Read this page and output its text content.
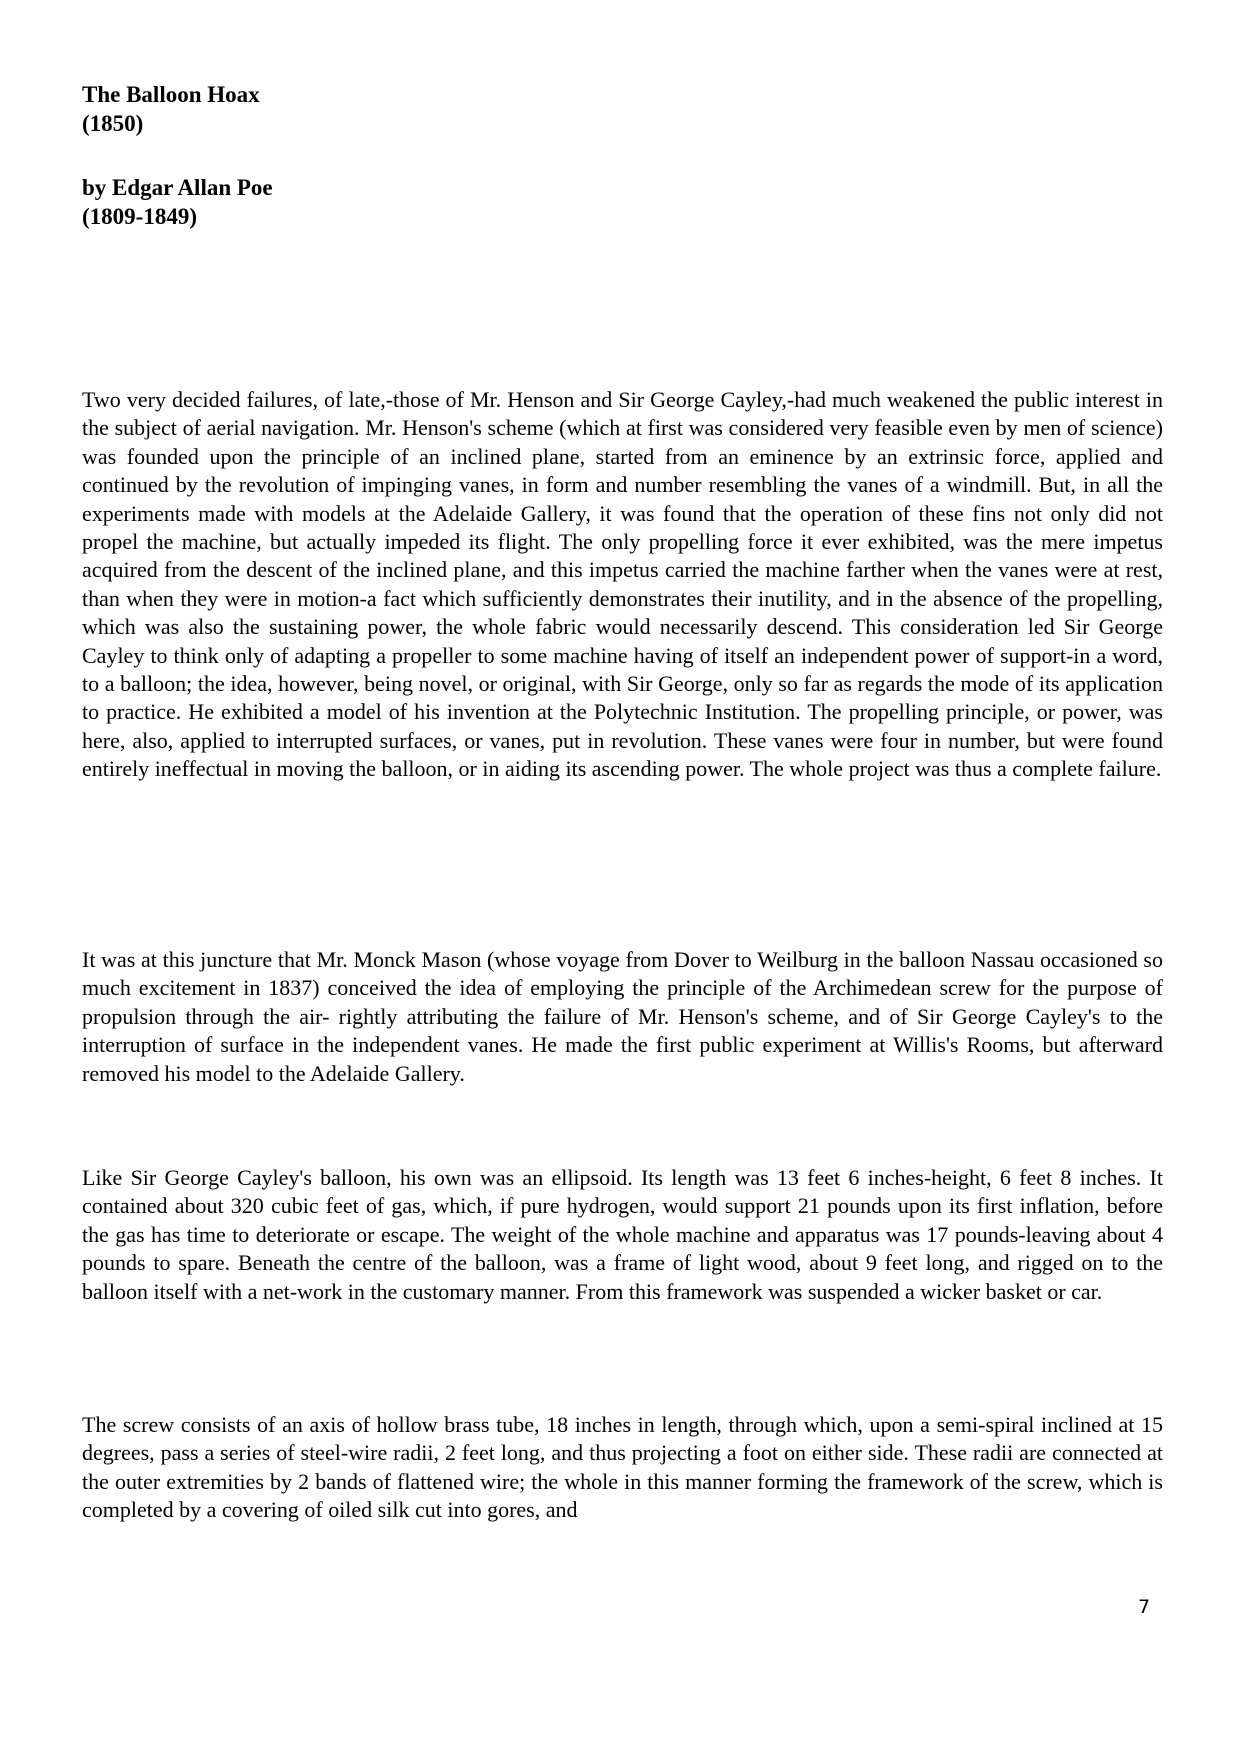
The Balloon Hoax
(1850)
by Edgar Allan Poe
(1809-1849)

Two very decided failures, of late,-those of Mr. Henson and Sir George Cayley,-had much weakened the public interest in the subject of aerial navigation. Mr. Henson's scheme (which at first was considered very feasible even by men of science) was founded upon the principle of an inclined plane, started from an eminence by an extrinsic force, applied and continued by the revolution of impinging vanes, in form and number resembling the vanes of a windmill. But, in all the experiments made with models at the Adelaide Gallery, it was found that the operation of these fins not only did not propel the machine, but actually impeded its flight. The only propelling force it ever exhibited, was the mere impetus acquired from the descent of the inclined plane, and this impetus carried the machine farther when the vanes were at rest, than when they were in motion-a fact which sufficiently demonstrates their inutility, and in the absence of the propelling, which was also the sustaining power, the whole fabric would necessarily descend. This consideration led Sir George Cayley to think only of adapting a propeller to some machine having of itself an independent power of support-in a word, to a balloon; the idea, however, being novel, or original, with Sir George, only so far as regards the mode of its application to practice. He exhibited a model of his invention at the Polytechnic Institution. The propelling principle, or power, was here, also, applied to interrupted surfaces, or vanes, put in revolution. These vanes were four in number, but were found entirely ineffectual in moving the balloon, or in aiding its ascending power. The whole project was thus a complete failure.

It was at this juncture that Mr. Monck Mason (whose voyage from Dover to Weilburg in the balloon Nassau occasioned so much excitement in 1837) conceived the idea of employing the principle of the Archimedean screw for the purpose of propulsion through the air- rightly attributing the failure of Mr. Henson's scheme, and of Sir George Cayley's to the interruption of surface in the independent vanes. He made the first public experiment at Willis's Rooms, but afterward removed his model to the Adelaide Gallery.

Like Sir George Cayley's balloon, his own was an ellipsoid. Its length was 13 feet 6 inches-height, 6 feet 8 inches. It contained about 320 cubic feet of gas, which, if pure hydrogen, would support 21 pounds upon its first inflation, before the gas has time to deteriorate or escape. The weight of the whole machine and apparatus was 17 pounds-leaving about 4 pounds to spare. Beneath the centre of the balloon, was a frame of light wood, about 9 feet long, and rigged on to the balloon itself with a net-work in the customary manner. From this framework was suspended a wicker basket or car.

The screw consists of an axis of hollow brass tube, 18 inches in length, through which, upon a semi-spiral inclined at 15 degrees, pass a series of steel-wire radii, 2 feet long, and thus projecting a foot on either side. These radii are connected at the outer extremities by 2 bands of flattened wire; the whole in this manner forming the framework of the screw, which is completed by a covering of oiled silk cut into gores, and

7
